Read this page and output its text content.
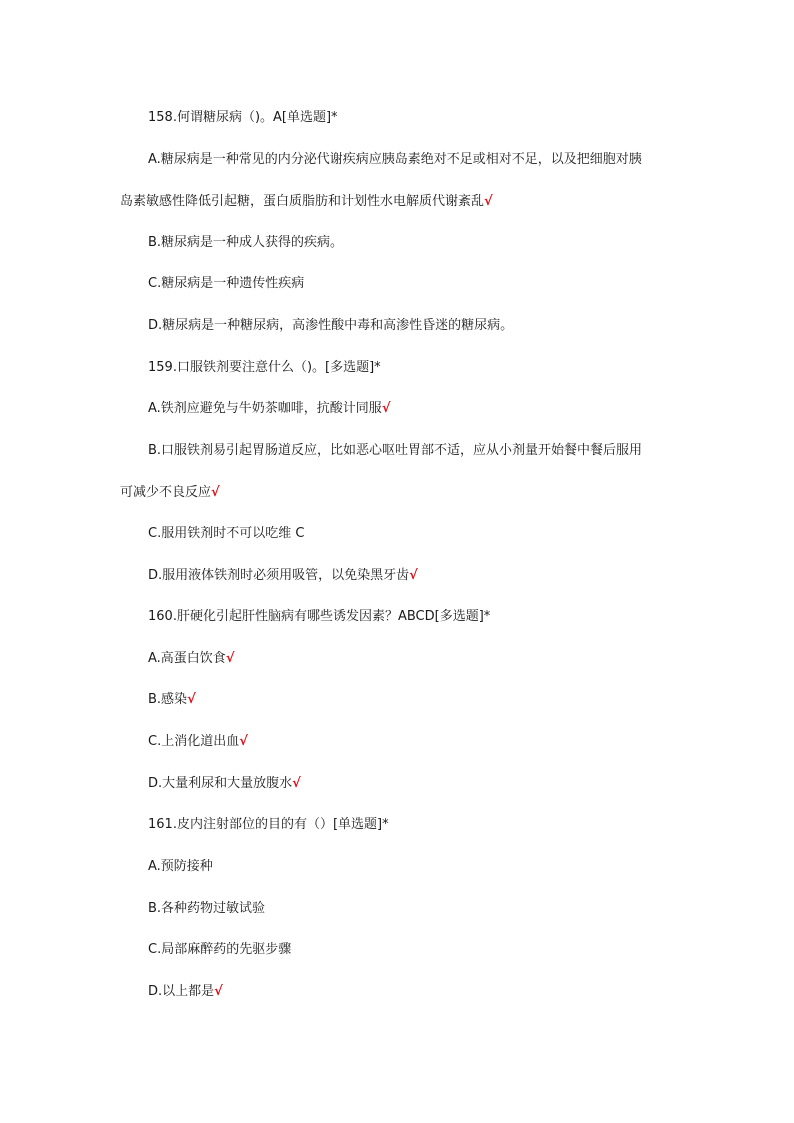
158.何谓糖尿病（)。A[单选题]*
A.糖尿病是一种常见的内分泌代谢疾病应胰岛素绝对不足或相对不足，以及把细胞对胰
岛素敏感性降低引起糖，蛋白质脂肪和计划性水电解质代谢紊乱√
B.糖尿病是一种成人获得的疾病。
C.糖尿病是一种遗传性疾病
D.糖尿病是一种糖尿病，高渗性酸中毒和高渗性昏迷的糖尿病。
159.口服铁剂要注意什么（)。[多选题]*
A.铁剂应避免与牛奶茶咖啡，抗酸计同服√
B.口服铁剂易引起胃肠道反应，比如恶心呕吐胃部不适，应从小剂量开始餐中餐后服用
可减少不良反应√
C.服用铁剂时不可以吃维 C
D.服用液体铁剂时必须用吸管，以免染黑牙齿√
160.肝硬化引起肝性脑病有哪些诱发因素？ABCD[多选题]*
A.高蛋白饮食√
B.感染√
C.上消化道出血√
D.大量利尿和大量放腹水√
161.皮内注射部位的目的有（）[单选题]*
A.预防接种
B.各种药物过敏试验
C.局部麻醉药的先驱步骤
D.以上都是√
